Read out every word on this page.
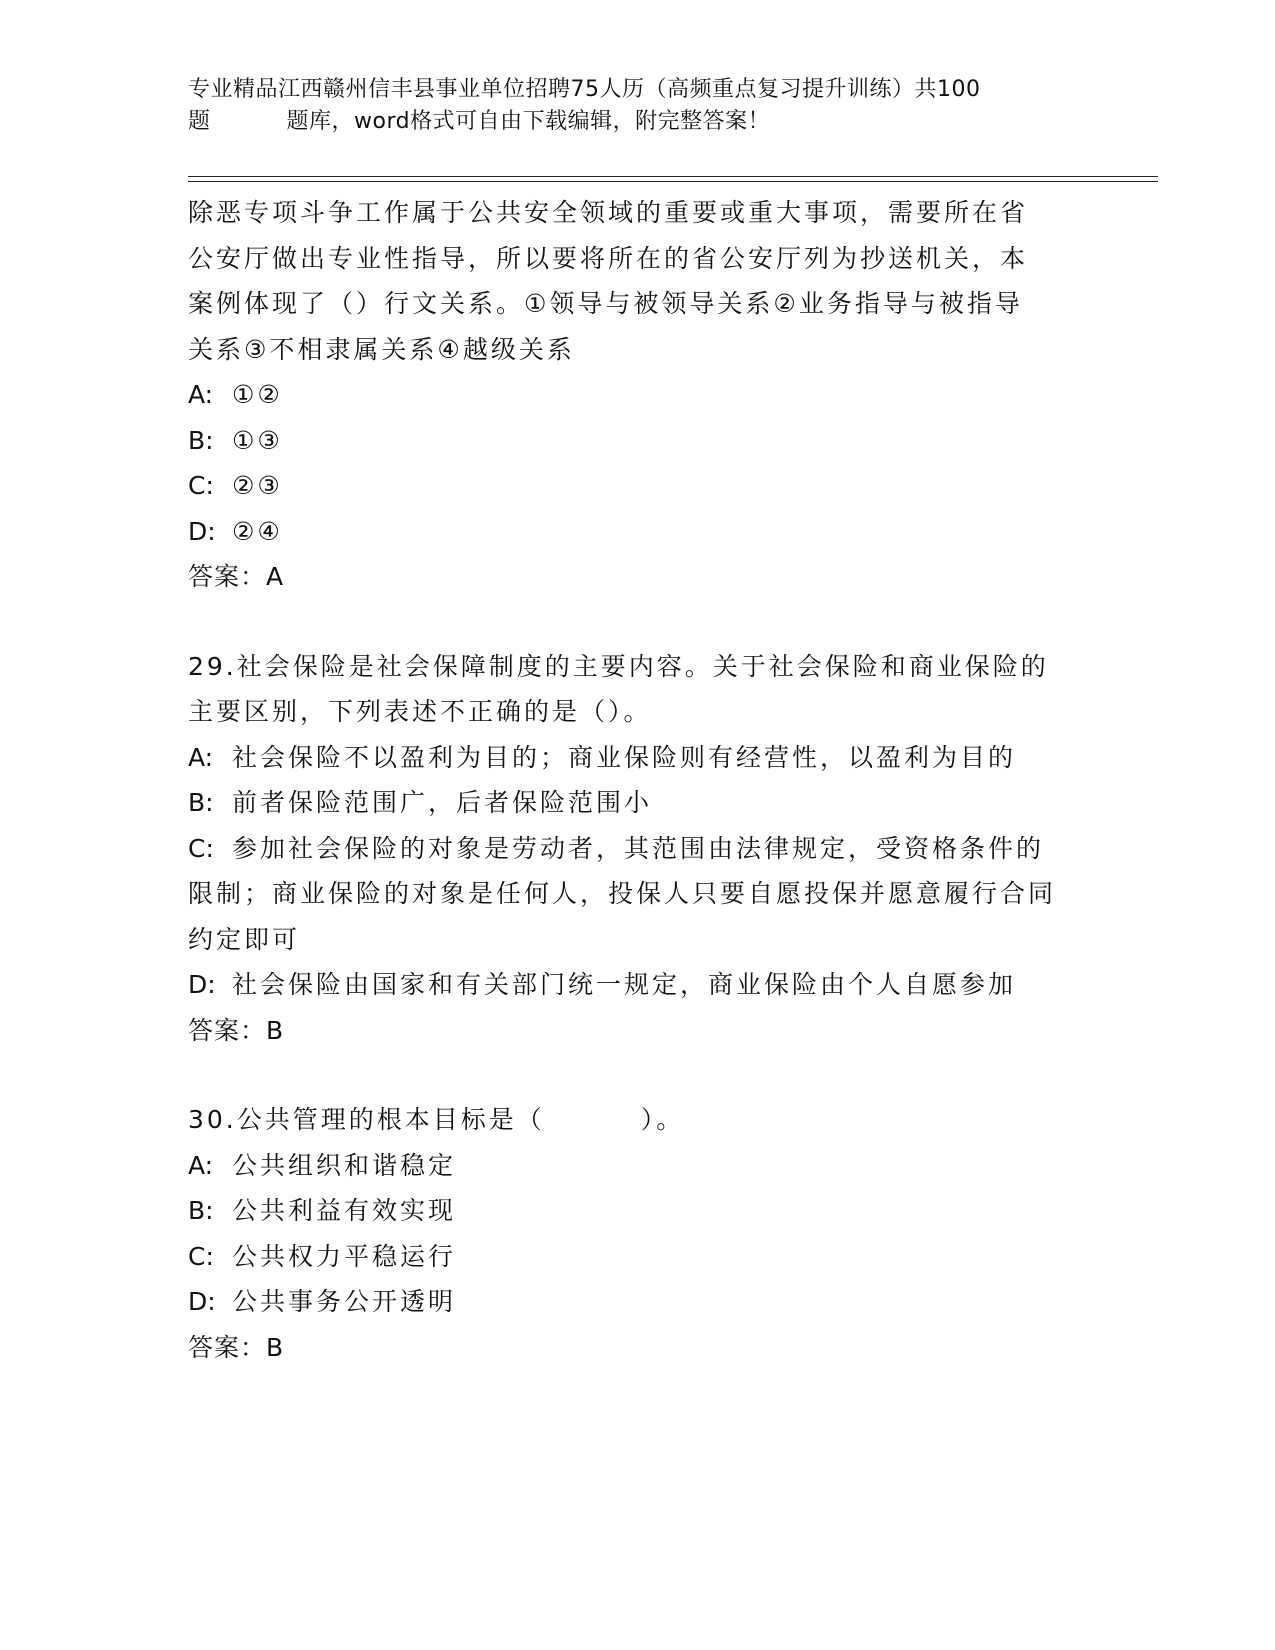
专业精品江西赣州信丰县事业单位招聘75人历（高频重点复习提升训练）共100
题	题库，word格式可自由下载编辑，附完整答案！

除恶专项斗争工作属于公共安全领域的重要或重大事项，需要所在省公安厅做出专业性指导，所以要将所在的省公安厅列为抄送机关，本案例体现了（）行文关系。①领导与被领导关系②业务指导与被指导关系③不相隶属关系④越级关系

A: ①②

B: ①③

C: ②③

D: ②④

答案：A

29.社会保险是社会保障制度的主要内容。关于社会保险和商业保险的主要区别，下列表述不正确的是（）。

A: 社会保险不以盈利为目的；商业保险则有经营性，以盈利为目的

B: 前者保险范围广，后者保险范围小

C: 参加社会保险的对象是劳动者，其范围由法律规定，受资格条件的限制；商业保险的对象是任何人，投保人只要自愿投保并愿意履行合同约定即可

D: 社会保险由国家和有关部门统一规定，商业保险由个人自愿参加

答案：B

30.公共管理的根本目标是（	）。

A: 公共组织和谐稳定

B: 公共利益有效实现

C: 公共权力平稳运行

D: 公共事务公开透明

答案：B
